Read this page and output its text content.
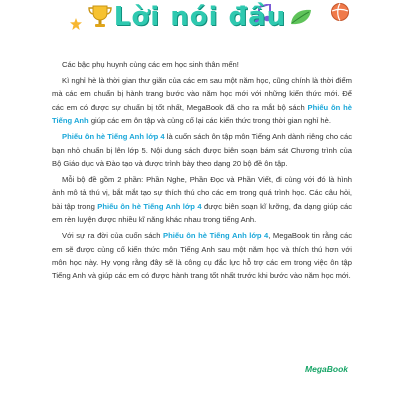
Lời nói đầu

Các bậc phụ huynh cùng các em học sinh thân mến!

Kì nghỉ hè là thời gian thư giãn của các em sau một năm học, cũng chính là thời điểm mà các em chuẩn bị hành trang bước vào năm học mới với những kiến thức mới. Để các em có được sự chuẩn bị tốt nhất, MegaBook đã cho ra mắt bộ sách Phiếu ôn hè Tiếng Anh giúp các em ôn tập và củng cố lại các kiến thức trong thời gian nghỉ hè.

Phiếu ôn hè Tiếng Anh lớp 4 là cuốn sách ôn tập môn Tiếng Anh dành riêng cho các bạn nhỏ chuẩn bị lên lớp 5. Nội dung sách được biên soạn bám sát Chương trình của Bộ Giáo dục và Đào tạo và được trình bày theo dạng 20 bộ đề ôn tập.

Mỗi bộ đề gồm 2 phần: Phần Nghe, Phần Đọc và Phần Viết, đi cùng với đó là hình ảnh mô tả thú vị, bắt mắt tạo sự thích thú cho các em trong quá trình học. Các câu hỏi, bài tập trong Phiếu ôn hè Tiếng Anh lớp 4 được biên soạn kĩ lưỡng, đa dạng giúp các em rèn luyện được nhiều kĩ năng khác nhau trong tiếng Anh.

Với sự ra đời của cuốn sách Phiếu ôn hè Tiếng Anh lớp 4, MegaBook tin rằng các em sẽ được củng cố kiến thức môn Tiếng Anh sau một năm học và thích thú hơn với môn học này. Hy vọng rằng đây sẽ là công cụ đắc lực hỗ trợ các em trong việc ôn tập Tiếng Anh và giúp các em có được hành trang tốt nhất trước khi bước vào năm học mới.

MegaBook
